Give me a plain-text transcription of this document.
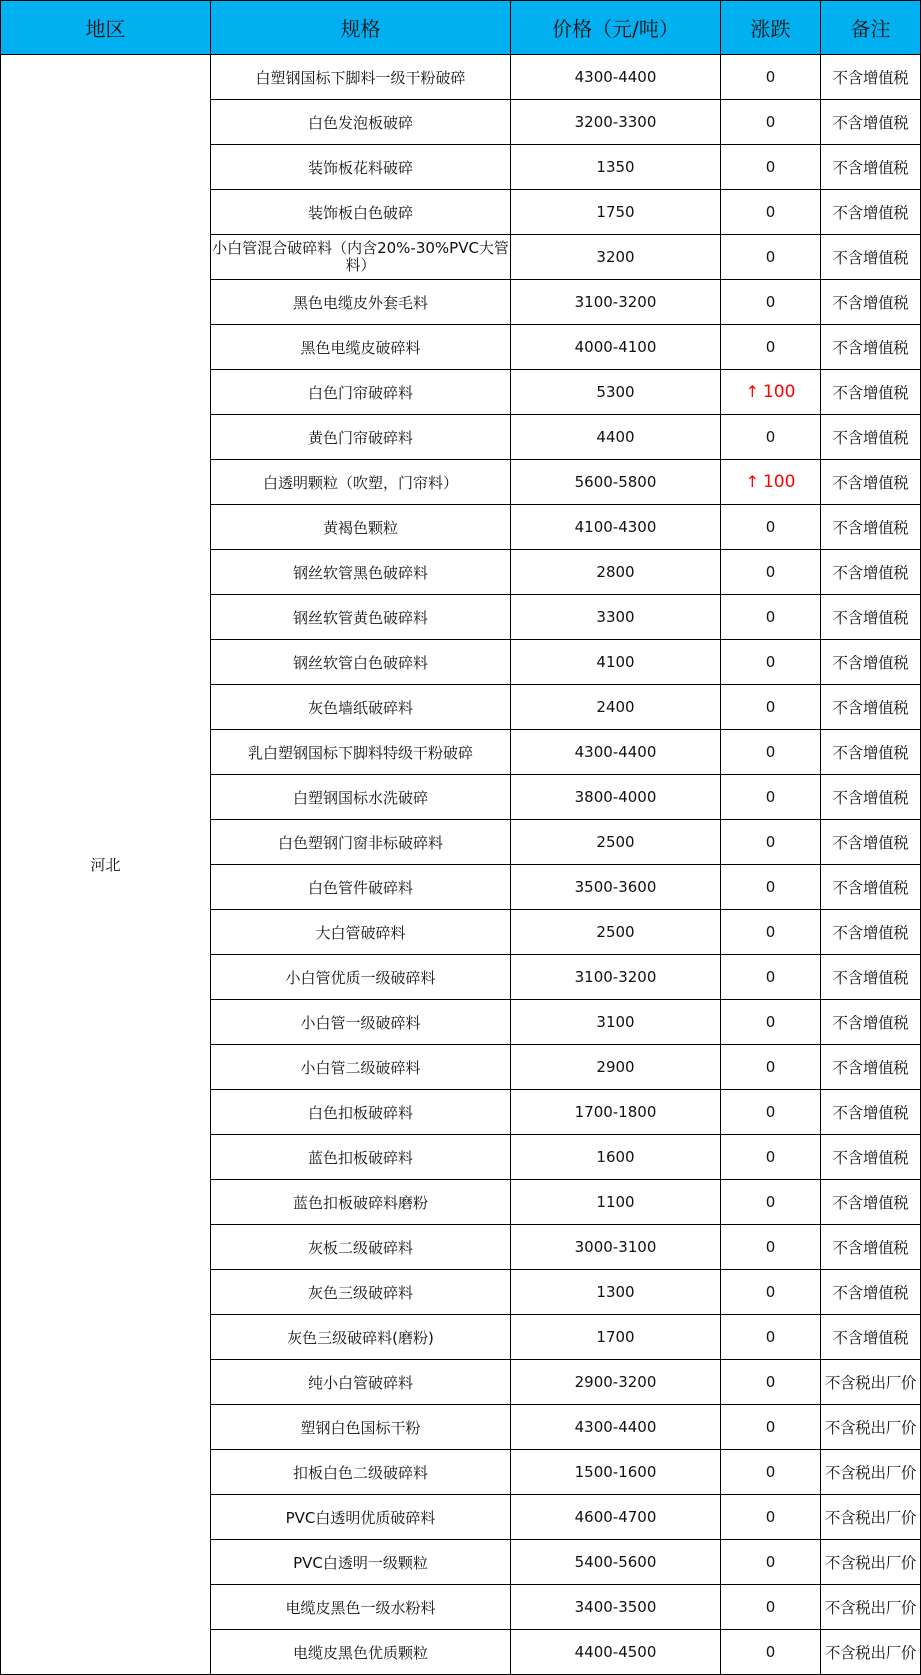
地区	规格	价格（元/吨）	涨跌	备注
河北	白塑钢国标下脚料一级干粉破碎	4300-4400	0	不含增值税
	白色发泡板破碎	3200-3300	0	不含增值税
	装饰板花料破碎	1350	0	不含增值税
	装饰板白色破碎	1750	0	不含增值税
	小白管混合破碎料（内含20%-30%PVC大管料）	3200	0	不含增值税
	黑色电缆皮外套毛料	3100-3200	0	不含增值税
	黑色电缆皮破碎料	4000-4100	0	不含增值税
	白色门帘破碎料	5300	↑ 100	不含增值税
	黄色门帘破碎料	4400	0	不含增值税
	白透明颗粒（吹塑，门帘料）	5600-5800	↑ 100	不含增值税
	黄褐色颗粒	4100-4300	0	不含增值税
	钢丝软管黑色破碎料	2800	0	不含增值税
	钢丝软管黄色破碎料	3300	0	不含增值税
	钢丝软管白色破碎料	4100	0	不含增值税
	灰色墙纸破碎料	2400	0	不含增值税
	乳白塑钢国标下脚料特级干粉破碎	4300-4400	0	不含增值税
	白塑钢国标水洗破碎	3800-4000	0	不含增值税
	白色塑钢门窗非标破碎料	2500	0	不含增值税
	白色管件破碎料	3500-3600	0	不含增值税
	大白管破碎料	2500	0	不含增值税
	小白管优质一级破碎料	3100-3200	0	不含增值税
	小白管一级破碎料	3100	0	不含增值税
	小白管二级破碎料	2900	0	不含增值税
	白色扣板破碎料	1700-1800	0	不含增值税
	蓝色扣板破碎料	1600	0	不含增值税
	蓝色扣板破碎料磨粉	1100	0	不含增值税
	灰板二级破碎料	3000-3100	0	不含增值税
	灰色三级破碎料	1300	0	不含增值税
	灰色三级破碎料(磨粉)	1700	0	不含增值税
	纯小白管破碎料	2900-3200	0	不含税出厂价
	塑钢白色国标干粉	4300-4400	0	不含税出厂价
	扣板白色二级破碎料	1500-1600	0	不含税出厂价
	PVC白透明优质破碎料	4600-4700	0	不含税出厂价
	PVC白透明一级颗粒	5400-5600	0	不含税出厂价
	电缆皮黑色一级水粉料	3400-3500	0	不含税出厂价
	电缆皮黑色优质颗粒	4400-4500	0	不含税出厂价
